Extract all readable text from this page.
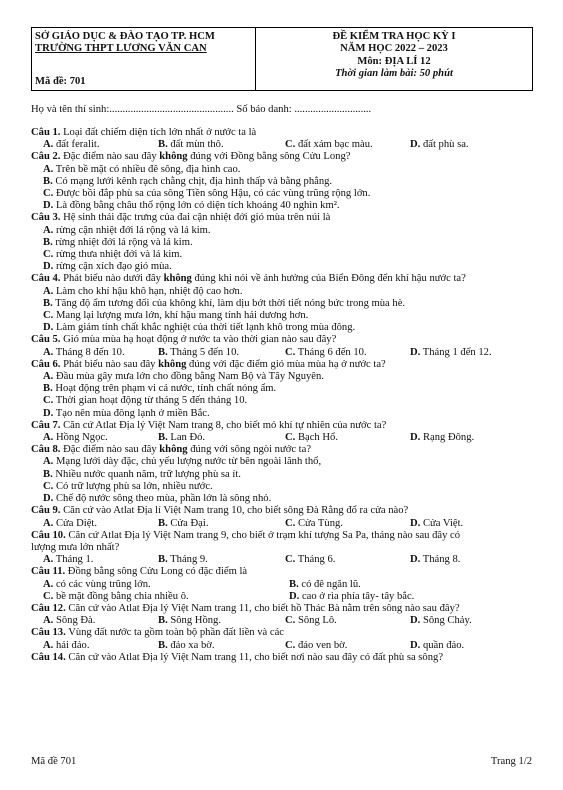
SỞ GIÁO DỤC & ĐÀO TẠO TP. HCM
TRƯỜNG THPT LƯƠNG VĂN CAN
Mã đề: 701
ĐỀ KIỂM TRA HỌC KỲ I
NĂM HỌC 2022 – 2023
Môn: ĐỊA LÍ 12
Thời gian làm bài: 50 phút
Họ và tên thí sinh:............................................... Số báo danh: .............................
Câu 1. Loại đất chiếm diện tích lớn nhất ở nước ta là
A. đất feralit.	B. đất mùn thô.	C. đất xám bạc màu.	D. đất phù sa.
Câu 2. Đặc điểm nào sau đây không đúng với Đồng bằng sông Cửu Long?
A. Trên bề mặt có nhiều đê sông, địa hình cao.
B. Có mạng lưới kênh rạch chằng chịt, địa hình thấp và bằng phẳng.
C. Được bồi đắp phù sa của sông Tiền sông Hậu, có các vùng trũng rộng lớn.
D. Là đồng bằng châu thổ rộng lớn có diện tích khoảng 40 nghìn km².
Câu 3. Hệ sinh thái đặc trưng của đai cận nhiệt đới gió mùa trên núi là
A. rừng cận nhiệt đới lá rộng và lá kim.
B. rừng nhiệt đới lá rộng và lá kim.
C. rừng thưa nhiệt đới và lá kim.
D. rừng cận xích đạo gió mùa.
Câu 4. Phát biểu nào dưới đây không đúng khi nói về ảnh hưởng của Biển Đông đến khí hậu nước ta?
A. Làm cho khí hậu khô hạn, nhiệt độ cao hơn.
B. Tăng độ ẩm tương đối của không khí, làm dịu bớt thời tiết nóng bức trong mùa hè.
C. Mang lại lượng mưa lớn, khí hậu mang tính hải dương hơn.
D. Làm giảm tính chất khắc nghiệt của thời tiết lạnh khô trong mùa đông.
Câu 5. Gió mùa mùa hạ hoạt động ở nước ta vào thời gian nào sau đây?
A. Tháng 8 đến 10.	B. Tháng 5 đến 10.	C. Tháng 6 đến 10.	D. Tháng 1 đến 12.
Câu 6. Phát biểu nào sau đây không đúng với đặc điểm gió mùa mùa hạ ở nước ta?
A. Đầu mùa gây mưa lớn cho đồng bằng Nam Bộ và Tây Nguyên.
B. Hoạt động trên phạm vi cả nước, tính chất nóng ẩm.
C. Thời gian hoạt động từ tháng 5 đến tháng 10.
D. Tạo nên mùa đông lạnh ở miền Bắc.
Câu 7. Căn cứ Atlat Địa lý Việt Nam trang 8, cho biết mỏ khí tự nhiên của nước ta?
A. Hồng Ngọc.	B. Lan Đỏ.	C. Bạch Hổ.	D. Rạng Đông.
Câu 8. Đặc điểm nào sau đây không đúng với sông ngòi nước ta?
A. Mạng lưới dày đặc, chủ yếu lượng nước từ bên ngoài lãnh thổ,
B. Nhiều nước quanh năm, trữ lượng phù sa ít.
C. Có trữ lượng phù sa lớn, nhiều nước.
D. Chế độ nước sông theo mùa, phần lớn là sông nhỏ.
Câu 9. Căn cứ vào Atlat Địa lí Việt Nam trang 10, cho biết sông Đà Rằng đổ ra cửa nào?
A. Cửa Diệt.	B. Cửa Đại.	C. Cửa Tùng.	D. Cửa Việt.
Câu 10. Căn cứ Atlat Địa lý Việt Nam trang 9, cho biết ở trạm khí tượng Sa Pa, tháng nào sau đây có
lượng mưa lớn nhất?
A. Tháng 1.	B. Tháng 9.	C. Tháng 6.	D. Tháng 8.
Câu 11. Đồng bằng sông Cửu Long có đặc điểm là
A. có các vùng trũng lớn.	B. có đê ngăn lũ.
C. bề mặt đồng bằng chia nhiều ô.	D. cao ở rìa phía tây- tây bắc.
Câu 12. Căn cứ vào Atlat Địa lý Việt Nam trang 11, cho biết hồ Thác Bà nằm trên sông nào sau đây?
A. Sông Đà.	B. Sông Hồng.	C. Sông Lô.	D. Sông Chảy.
Câu 13. Vùng đất nước ta gồm toàn bộ phần đất liền và các
A. hải đảo.	B. đảo xa bờ.	C. đảo ven bờ.	D. quần đảo.
Câu 14. Căn cứ vào Atlat Địa lý Việt Nam trang 11, cho biết nơi nào sau đây có đất phù sa sông?
Mã đề 701	Trang 1/2
